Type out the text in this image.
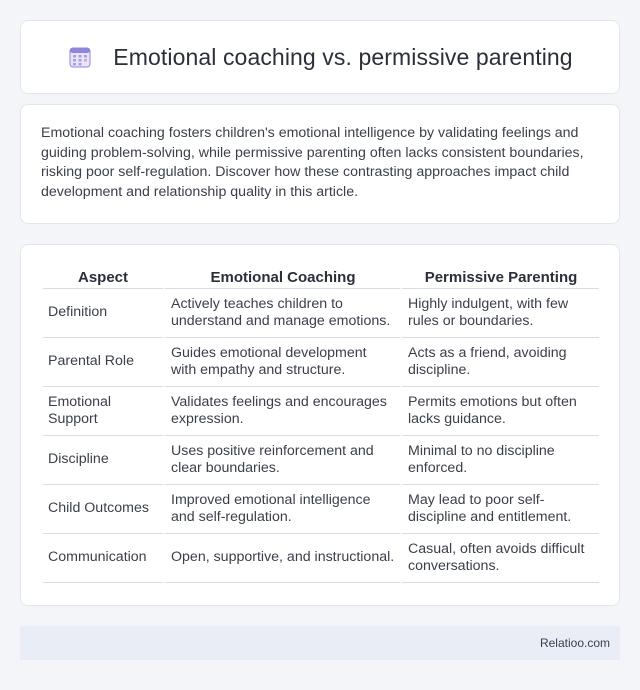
Emotional coaching vs. permissive parenting

Emotional coaching fosters children's emotional intelligence by validating feelings and guiding problem-solving, while permissive parenting often lacks consistent boundaries, risking poor self-regulation. Discover how these contrasting approaches impact child development and relationship quality in this article.

Aspect	Emotional Coaching	Permissive Parenting
Definition	Actively teaches children to understand and manage emotions.	Highly indulgent, with few rules or boundaries.
Parental Role	Guides emotional development with empathy and structure.	Acts as a friend, avoiding discipline.
Emotional Support	Validates feelings and encourages expression.	Permits emotions but often lacks guidance.
Discipline	Uses positive reinforcement and clear boundaries.	Minimal to no discipline enforced.
Child Outcomes	Improved emotional intelligence and self-regulation.	May lead to poor self-discipline and entitlement.
Communication	Open, supportive, and instructional.	Casual, often avoids difficult conversations.
Relatioo.com
